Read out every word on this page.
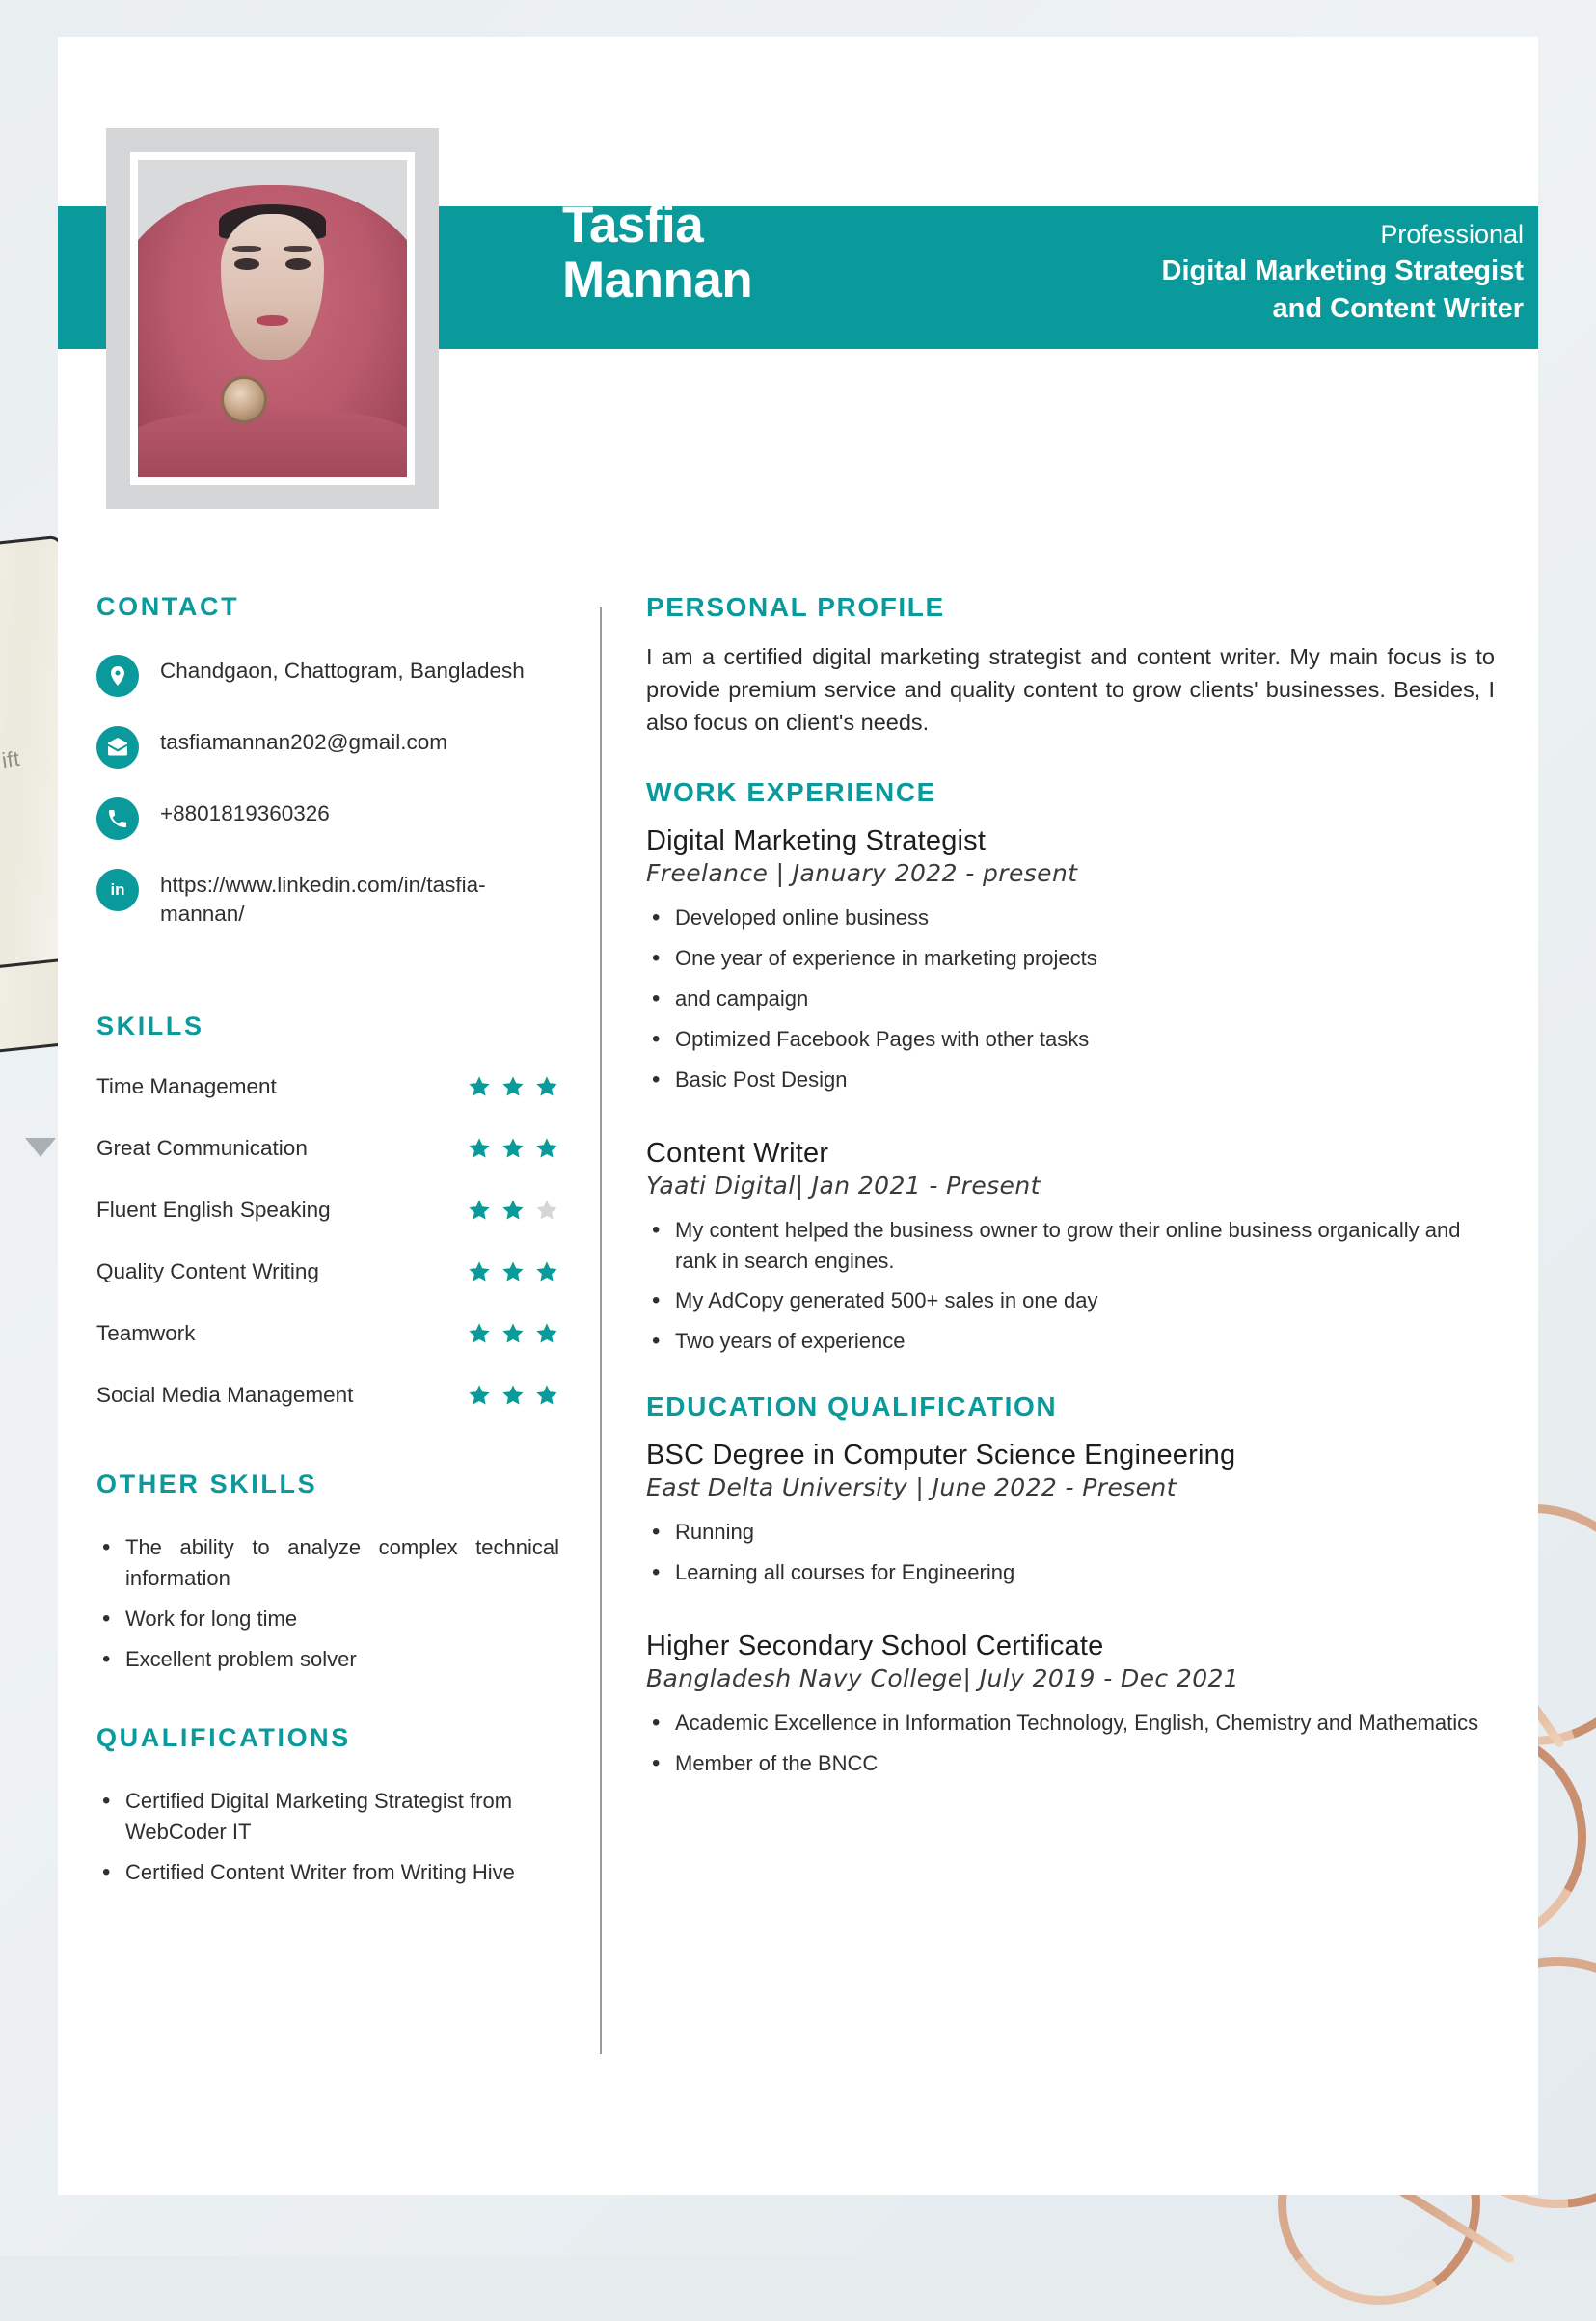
ift
Tasfia
Mannan
Professional
Digital Marketing Strategist
and Content Writer
CONTACT
Chandgaon, Chattogram, Bangladesh
tasfiamannan202@gmail.com
+8801819360326
in https://www.linkedin.com/in/tasfia-mannan/
SKILLS
Time Management
Great Communication
Fluent English Speaking
Quality Content Writing
Teamwork
Social Media Management
OTHER SKILLS
• The ability to analyze complex technical information
• Work for long time
• Excellent problem solver
QUALIFICATIONS
• Certified Digital Marketing Strategist from WebCoder IT
• Certified Content Writer from Writing Hive
PERSONAL PROFILE

I am a certified digital marketing strategist and content writer. My main focus is to provide premium service and quality content to grow clients' businesses. Besides, I also focus on client's needs.

WORK EXPERIENCE
Digital Marketing Strategist
Freelance | January 2022 - present
• Developed online business
• One year of experience in marketing projects
• and campaign
• Optimized Facebook Pages with other tasks
• Basic Post Design
Content Writer
Yaati Digital| Jan 2021 - Present
• My content helped the business owner to grow their online business organically and rank in search engines.
• My AdCopy generated 500+ sales in one day
• Two years of experience
EDUCATION QUALIFICATION
BSC Degree in Computer Science Engineering
East Delta University | June 2022 - Present
• Running
• Learning all courses for Engineering
Higher Secondary School Certificate
Bangladesh Navy College| July 2019 - Dec 2021
• Academic Excellence in Information Technology, English, Chemistry and Mathematics
• Member of the BNCC
